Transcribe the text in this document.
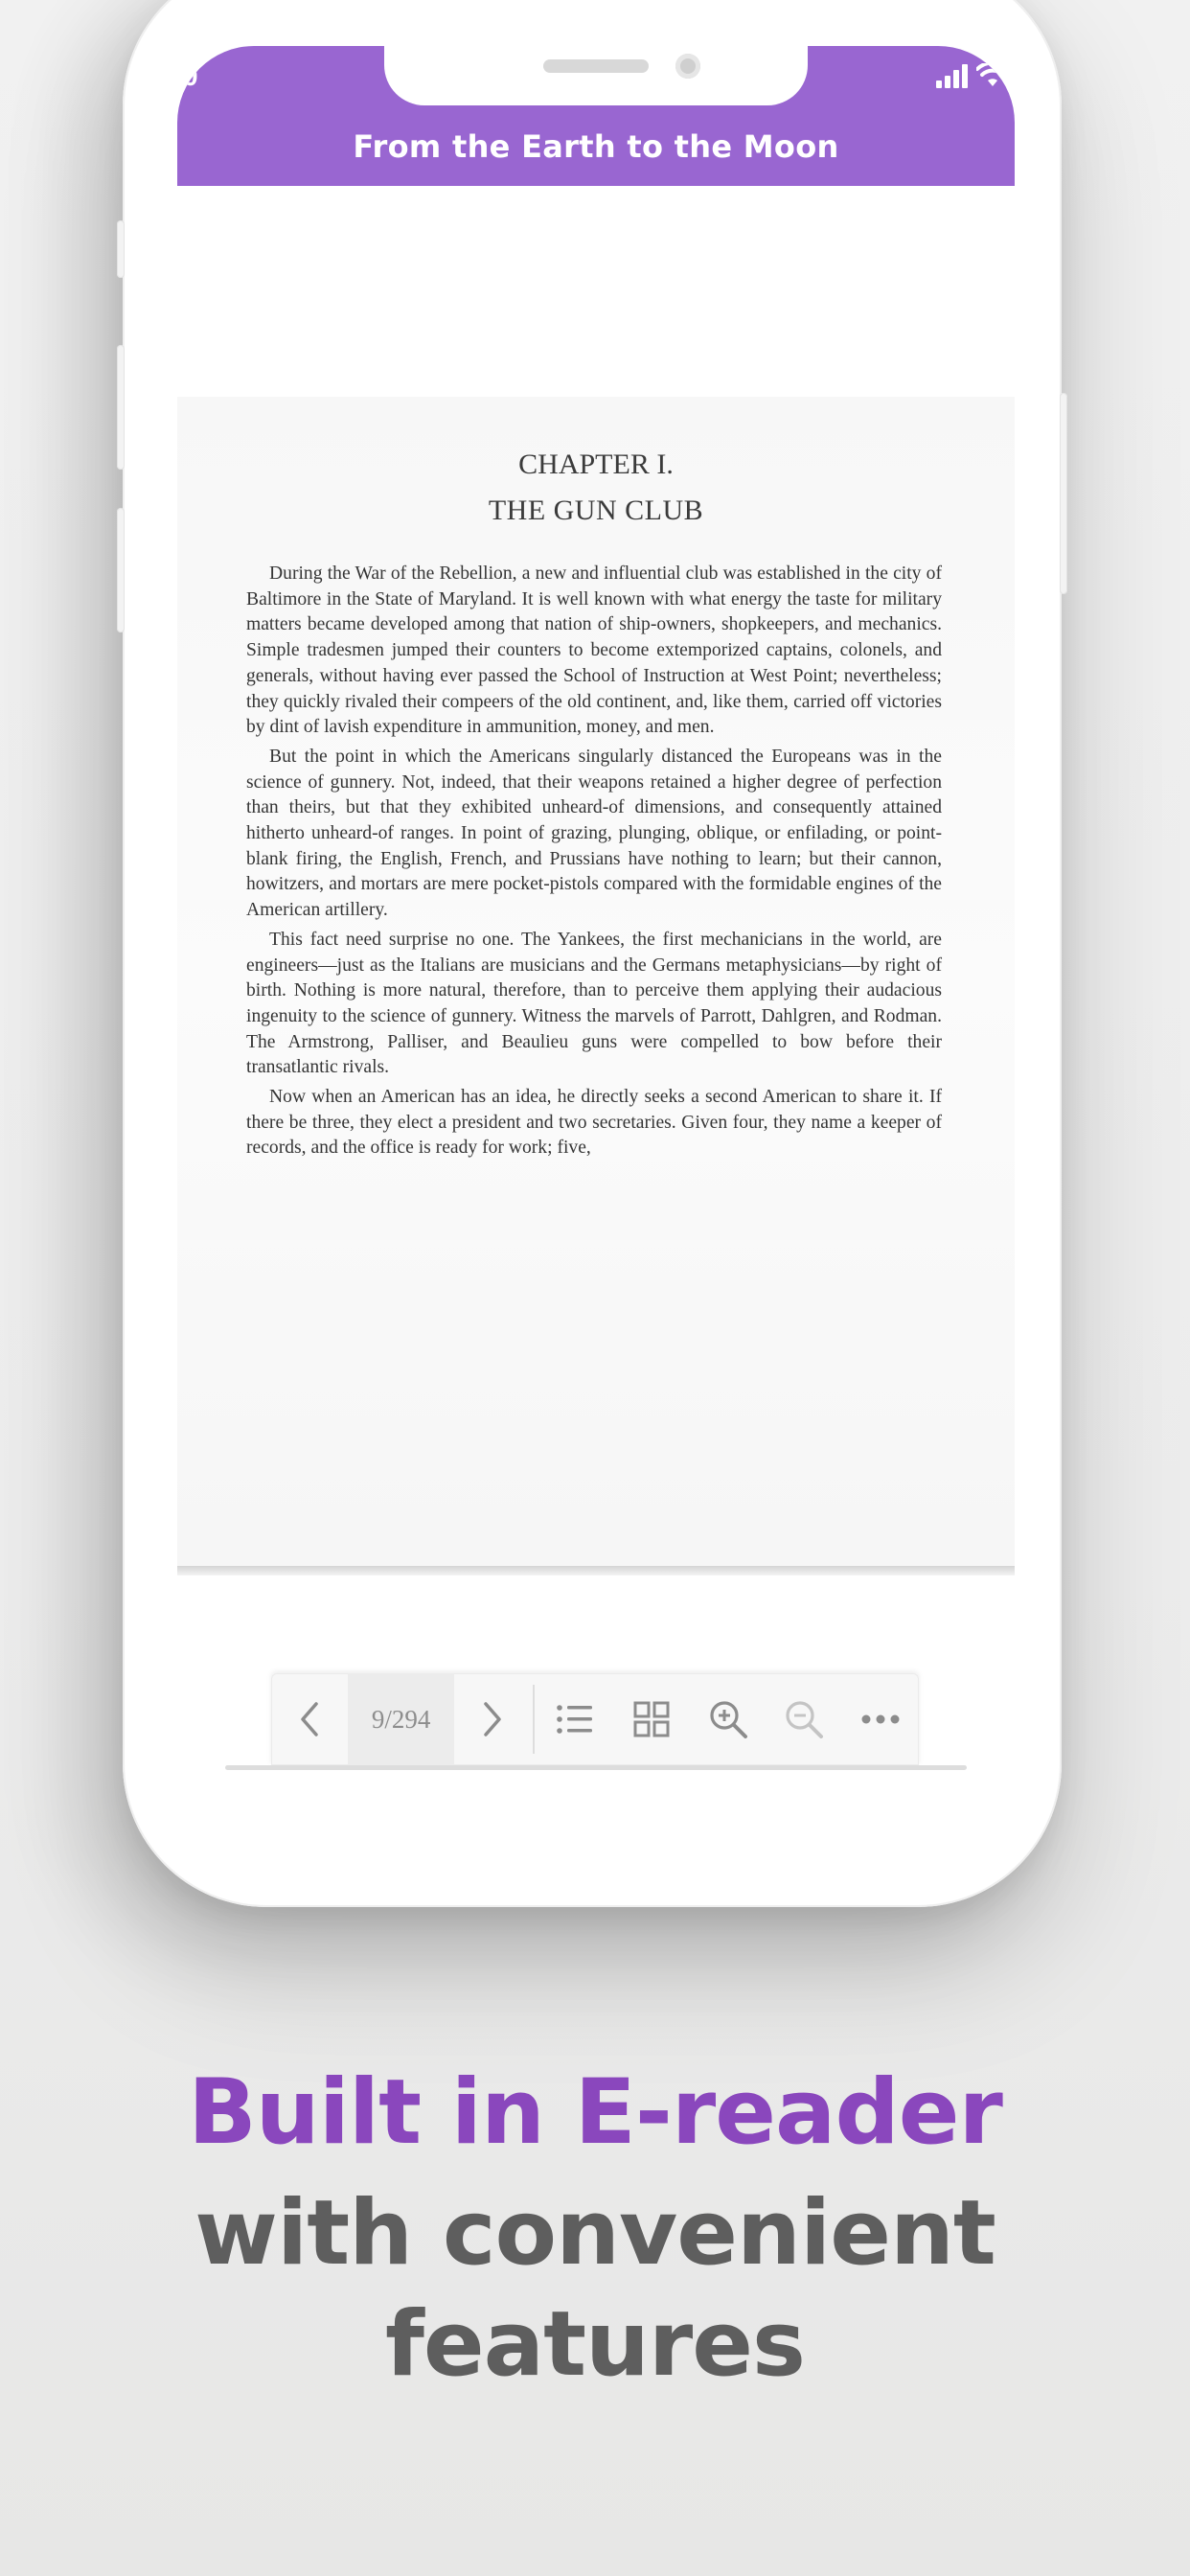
0
From the Earth to the Moon
CHAPTER I.
THE GUN CLUB

During the War of the Rebellion, a new and influential club was established in the city of Baltimore in the State of Maryland. It is well known with what energy the taste for military matters became developed among that nation of ship-owners, shopkeepers, and mechanics. Simple tradesmen jumped their counters to become extemporized captains, colonels, and generals, without having ever passed the School of Instruction at West Point; nevertheless; they quickly rivaled their compeers of the old continent, and, like them, carried off victories by dint of lavish expenditure in ammunition, money, and men.

But the point in which the Americans singularly distanced the Europeans was in the science of gunnery. Not, indeed, that their weapons retained a higher degree of perfection than theirs, but that they exhibited unheard-of dimensions, and consequently attained hitherto unheard-of ranges. In point of grazing, plunging, oblique, or enfilading, or point-blank firing, the English, French, and Prussians have nothing to learn; but their cannon, howitzers, and mortars are mere pocket-pistols compared with the formidable engines of the American artillery.

This fact need surprise no one. The Yankees, the first mechanicians in the world, are engineers—just as the Italians are musicians and the Germans metaphysicians—by right of birth. Nothing is more natural, therefore, than to perceive them applying their audacious ingenuity to the science of gunnery. Witness the marvels of Parrott, Dahlgren, and Rodman. The Armstrong, Palliser, and Beaulieu guns were compelled to bow before their transatlantic rivals.

Now when an American has an idea, he directly seeks a second American to share it. If there be three, they elect a president and two secretaries. Given four, they name a keeper of records, and the office is ready for work; five,

9/294
Built in E-reader
with convenient
features
